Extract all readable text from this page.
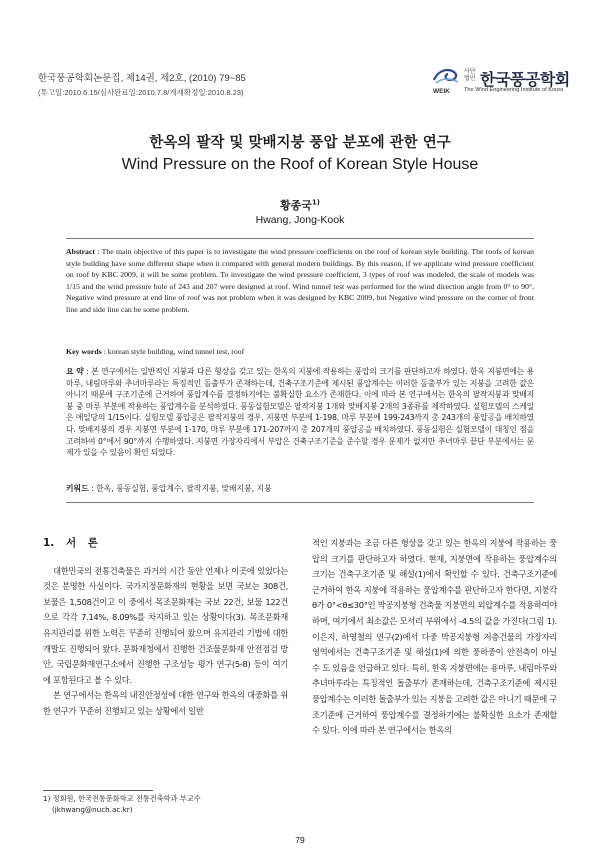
한국풍공학회논문집, 제14권, 제2호, (2010) 79~85
(투고일:2010.6.15/심사완료일:2010.7.8/게재확정일:2010.8.23)
사단
법인 한국풍공학회
WEIK	The Wind Engineering Institute of Korea
한옥의 팔작 및 맞배지붕 풍압 분포에 관한 연구
Wind Pressure on the Roof of Korean Style House
황종국$^{1)}$
Hwang, Jong-Kook
Abstract : The main objective of this paper is to investigate the wind pressure coefficients on the roof of korean style building. The roofs of korean style building have some different shape when it compared with general modern buildings. By this reason, if we applicate wind pressure coefficient on roof by KBC 2009, it will be some problem. To investigate the wind pressure coefficient, 3 types of roof was modeled. the scale of models was 1/15 and the wind pressure hole of 243 and 207 were designed at roof. Wind tunnel test was performed for the wind direction angle from 0° to 90°. Negative wind pressure at end line of roof was not problem when it was designed by KBC 2009, but Negative wind pressure on the corner of front line and side line can be some problem.
Key words : korean style building, wind tunnel test, roof
요 약 : 본 연구에서는 일반적인 지붕과 다른 형상을 갖고 있는 한옥의 지붕에 작용하는 풍압의 크기를 판단하고자 하였다. 한옥 지붕면에는 용마루, 내림마루와 추녀마루라는 특징적인 돌출부가 존재하는데, 건축구조기준에 제시된 풍압계수는 이러한 돌출부가 있는 지붕을 고려한 값은 아니기 때문에 구조기준에 근거하여 풍압계수를 결정하기에는 불확실한 요소가 존재한다. 이에 따라 본 연구에서는 한옥의 팔작지붕과 맞배지붕 중 마루 부분에 작용하는 풍압계수를 분석하였다. 풍동실험모델은 팔작지붕 1개와 맞배지붕 2개의 3종류를 제작하였다. 실험모델의 스케일은 애일당의 1/15이다. 실험모델 풍압공은 팔작지붕의 경우, 지붕면 부분에 1-198, 마루 부분에 199-243까지 총 243개의 풍압공을 배치하였다. 맞배지붕의 경우 지붕면 부분에 1-170, 마루 부분에 171-207까지 총 207개의 풍압공을 배치하였다. 풍동실험은 실험모델이 대칭인 점을 고려하여 0°에서 90°까지 수행하였다. 지붕면 가장자리에서 부압은 건축구조기준을 준수할 경우 문제가 없지만 추녀마루 끝단 부분에서는 문제가 있을 수 있음이 확인 되었다.
키워드 : 한옥, 풍동실험, 풍압계수, 팔작지붕, 맞배지붕, 지붕

1. 서 론

대한민국의 전통건축물은 과거의 시간 동안 언제나 이곳에 있었다는 것은 분명한 사실이다. 국가지정문화재의 현황을 보면 국보는 308건, 보물은 1,508건이고 이 중에서 목조문화재는 국보 22건, 보물 122건으로 각각 7.14%, 8.09%를 차지하고 있는 상황이다(3). 목조문화재 유지관리를 위한 노력은 꾸준히 진행되어 왔으며 유지관리 기법에 대한 개발도 진행되어 왔다. 문화재청에서 진행한 건조물문화재 안전점검 방안, 국립문화재연구소에서 진행한 구조성능 평가 연구(5-8) 등이 여기에 포함된다고 볼 수 있다.

본 연구에서는 한옥의 내진안정성에 대한 연구와 한옥의 대중화를 위한 연구가 꾸준히 진행되고 있는 상황에서 일반

적인 지붕과는 조금 다른 형상을 갖고 있는 한옥의 지붕에 작용하는 풍압의 크기를 판단하고자 하였다. 현재, 지붕면에 작용하는 풍압계수의 크기는 건축구조기준 및 해설(1)에서 확인할 수 있다. 건축구조기준에 근거하여 한옥 지붕에 작용하는 풍압계수를 판단하고자 한다면, 지붕각 θ가 0°<θ≤30°인 박공지붕형 건축물 지붕면의 외압계수를 적용하여야 하며, 여기에서 최소값은 모서리 부위에서 -4.5의 값을 가진다(그림 1). 이은지, 하영철의 연구(2)에서 다중 박공지붕형 저층건물의 가장자리 영역에서는 건축구조기준 및 해설(1)에 의한 풍하중이 안전측이 아닐 수 도 있음을 언급하고 있다. 특히, 한옥 지붕면에는 용마루, 내림마루와 추녀마루라는 특징적인 돌출부가 존재하는데, 건축구조기준에 제시된 풍압계수는 이러한 돌출부가 있는 지붕을 고려한 값은 아니기 때문에 구조기준에 근거하여 풍압계수를 결정하기에는 불확실한 요소가 존재할 수 있다. 이에 따라 본 연구에서는 한옥의

1) 정회원, 한국전통문화학교 전통건축학과 부교수
(jkhwang@nuch.ac.kr)
79
